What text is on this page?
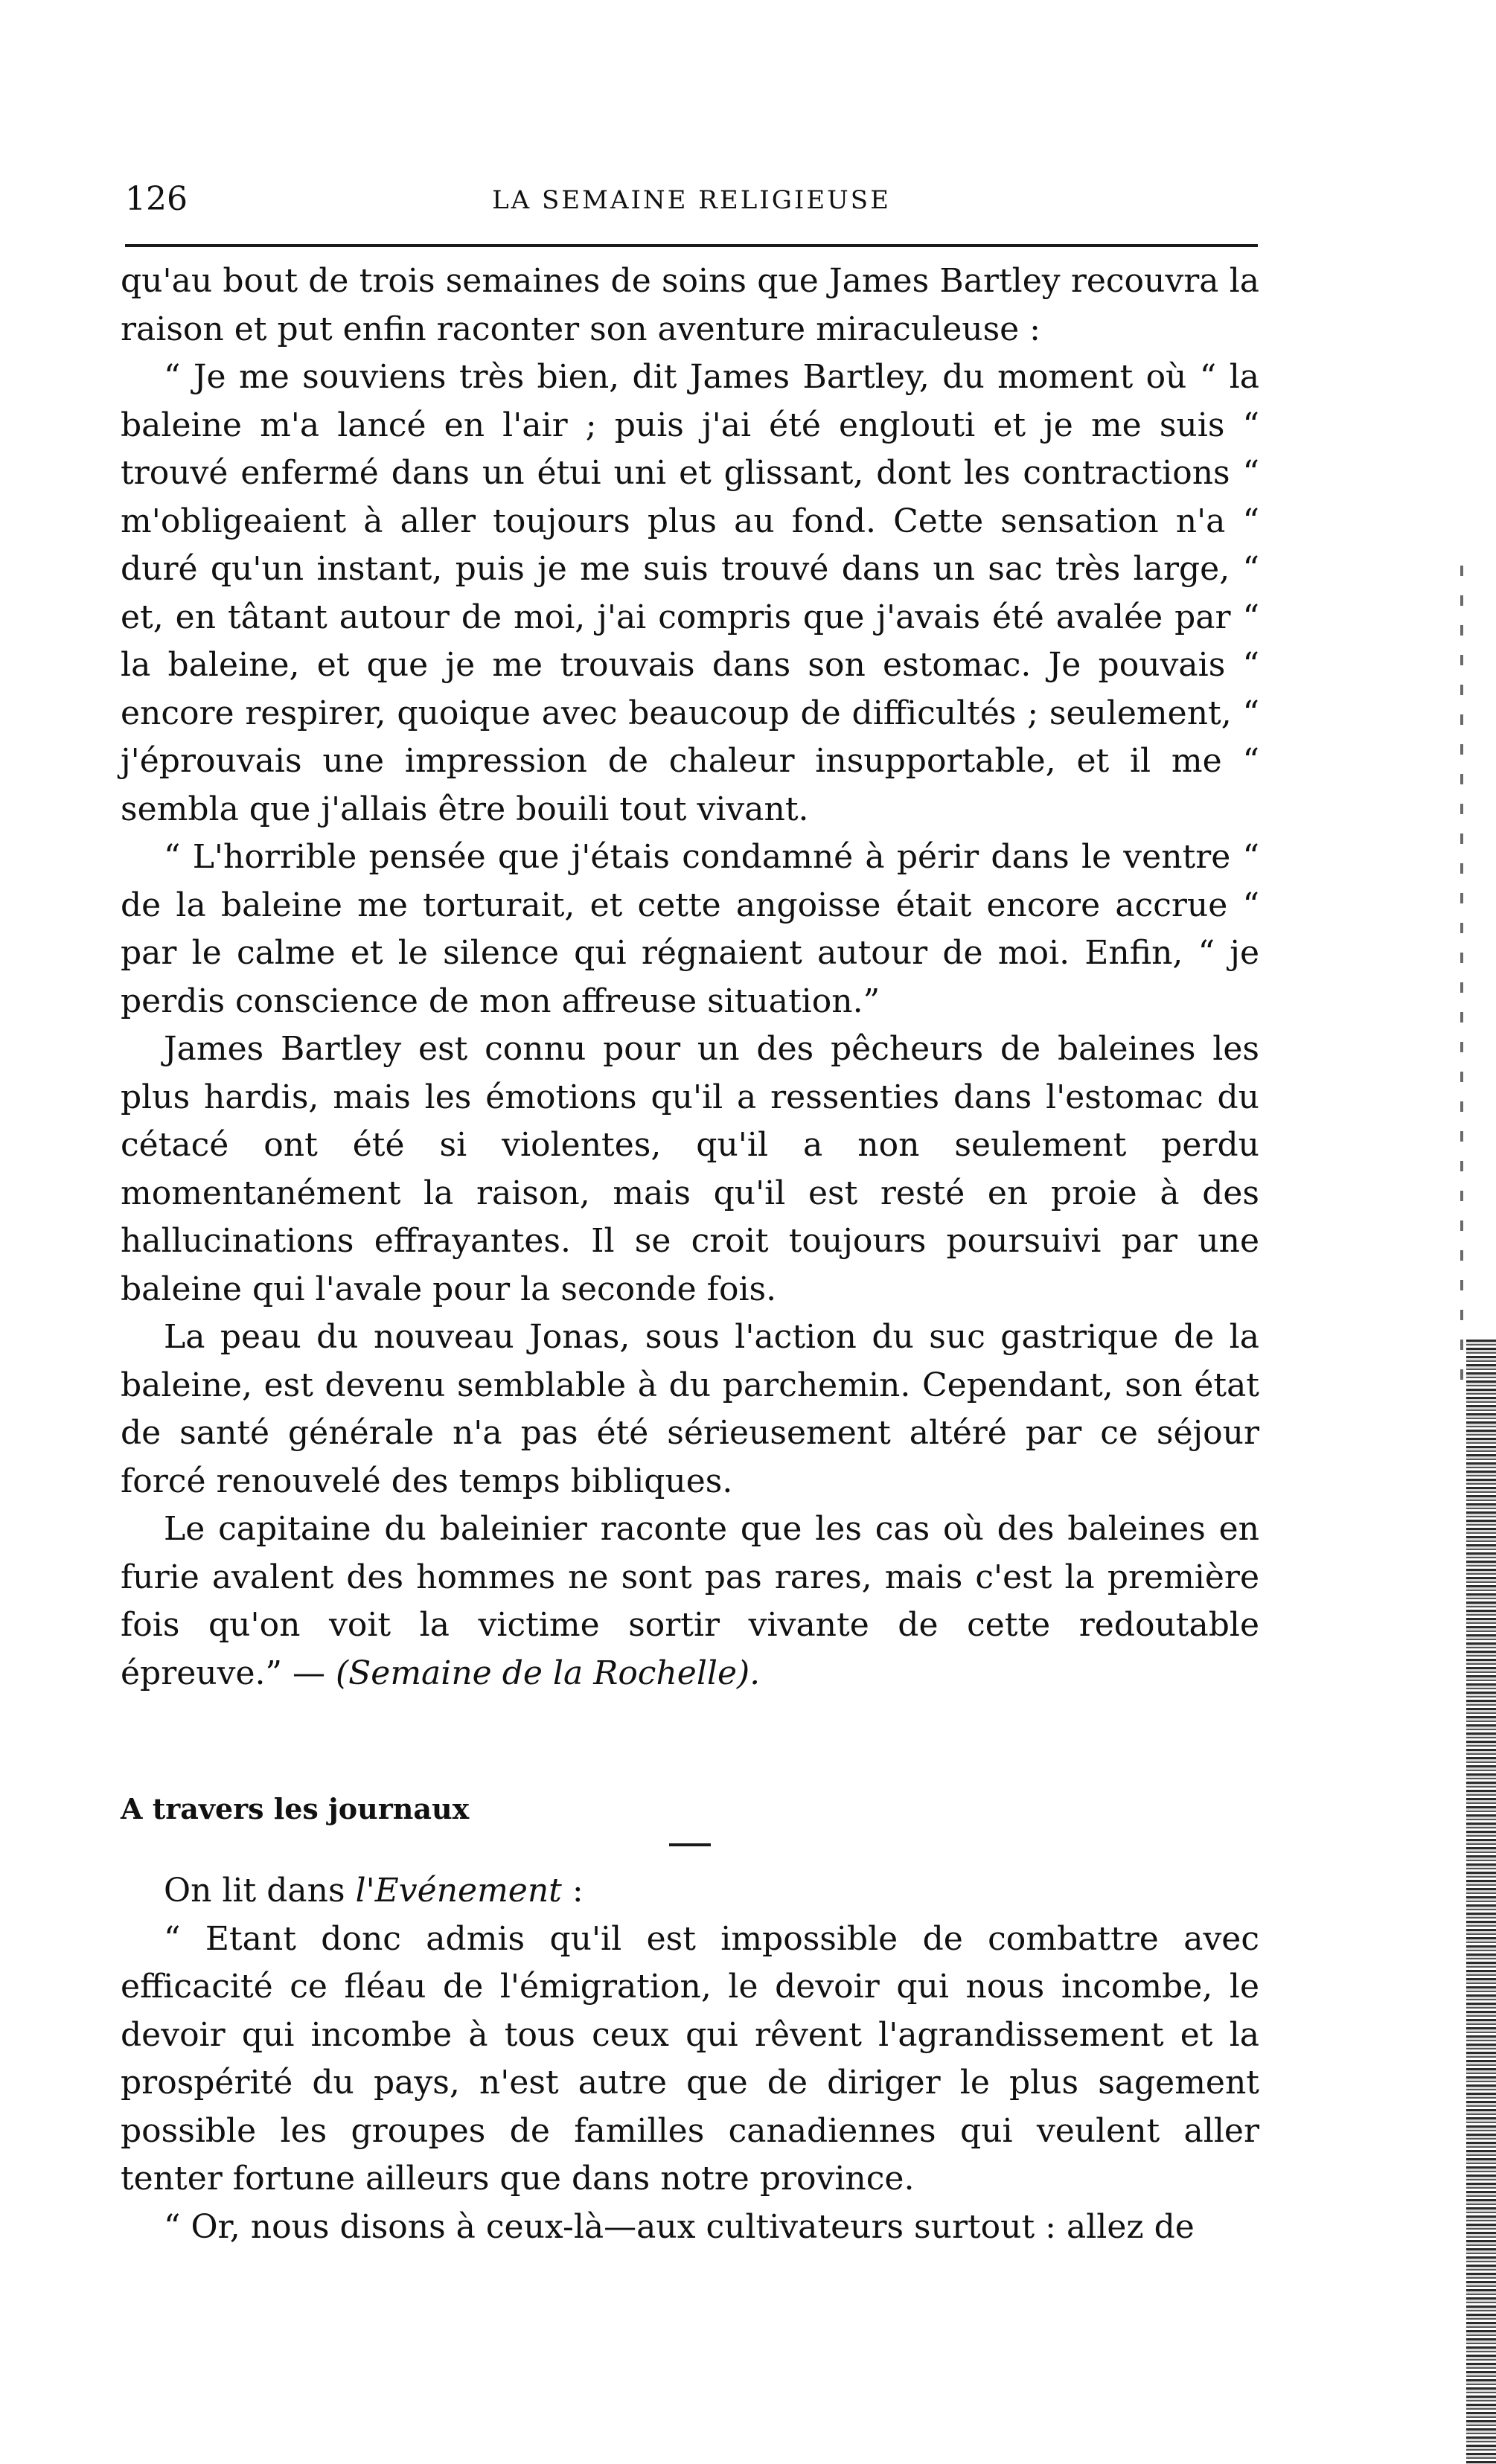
126	LA SEMAINE RELIGIEUSE

qu'au bout de trois semaines de soins que James Bartley recouvra la raison et put enfin raconter son aventure miraculeuse :

“ Je me souviens très bien, dit James Bartley, du moment où “ la baleine m'a lancé en l'air ; puis j'ai été englouti et je me suis “ trouvé enfermé dans un étui uni et glissant, dont les contractions “ m'obligeaient à aller toujours plus au fond. Cette sensation n'a “ duré qu'un instant, puis je me suis trouvé dans un sac très large, “ et, en tâtant autour de moi, j'ai compris que j'avais été avalée par “ la baleine, et que je me trouvais dans son estomac. Je pouvais “ encore respirer, quoique avec beaucoup de difficultés ; seulement, “ j'éprouvais une impression de chaleur insupportable, et il me “ sembla que j'allais être bouili tout vivant.

“ L'horrible pensée que j'étais condamné à périr dans le ventre “ de la baleine me torturait, et cette angoisse était encore accrue “ par le calme et le silence qui régnaient autour de moi. Enfin, “ je perdis conscience de mon affreuse situation.”

James Bartley est connu pour un des pêcheurs de baleines les plus hardis, mais les émotions qu'il a ressenties dans l'estomac du cétacé ont été si violentes, qu'il a non seulement perdu momentanément la raison, mais qu'il est resté en proie à des hallucinations effrayantes. Il se croit toujours poursuivi par une baleine qui l'avale pour la seconde fois.

La peau du nouveau Jonas, sous l'action du suc gastrique de la baleine, est devenu semblable à du parchemin. Cependant, son état de santé générale n'a pas été sérieusement altéré par ce séjour forcé renouvelé des temps bibliques.

Le capitaine du baleinier raconte que les cas où des baleines en furie avalent des hommes ne sont pas rares, mais c'est la première fois qu'on voit la victime sortir vivante de cette redoutable épreuve.” — (Semaine de la Rochelle).

A travers les journaux

On lit dans l'Evénement :

“ Etant donc admis qu'il est impossible de combattre avec efficacité ce fléau de l'émigration, le devoir qui nous incombe, le devoir qui incombe à tous ceux qui rêvent l'agrandissement et la prospérité du pays, n'est autre que de diriger le plus sagement possible les groupes de familles canadiennes qui veulent aller tenter fortune ailleurs que dans notre province.

“ Or, nous disons à ceux-là—aux cultivateurs surtout : allez de
